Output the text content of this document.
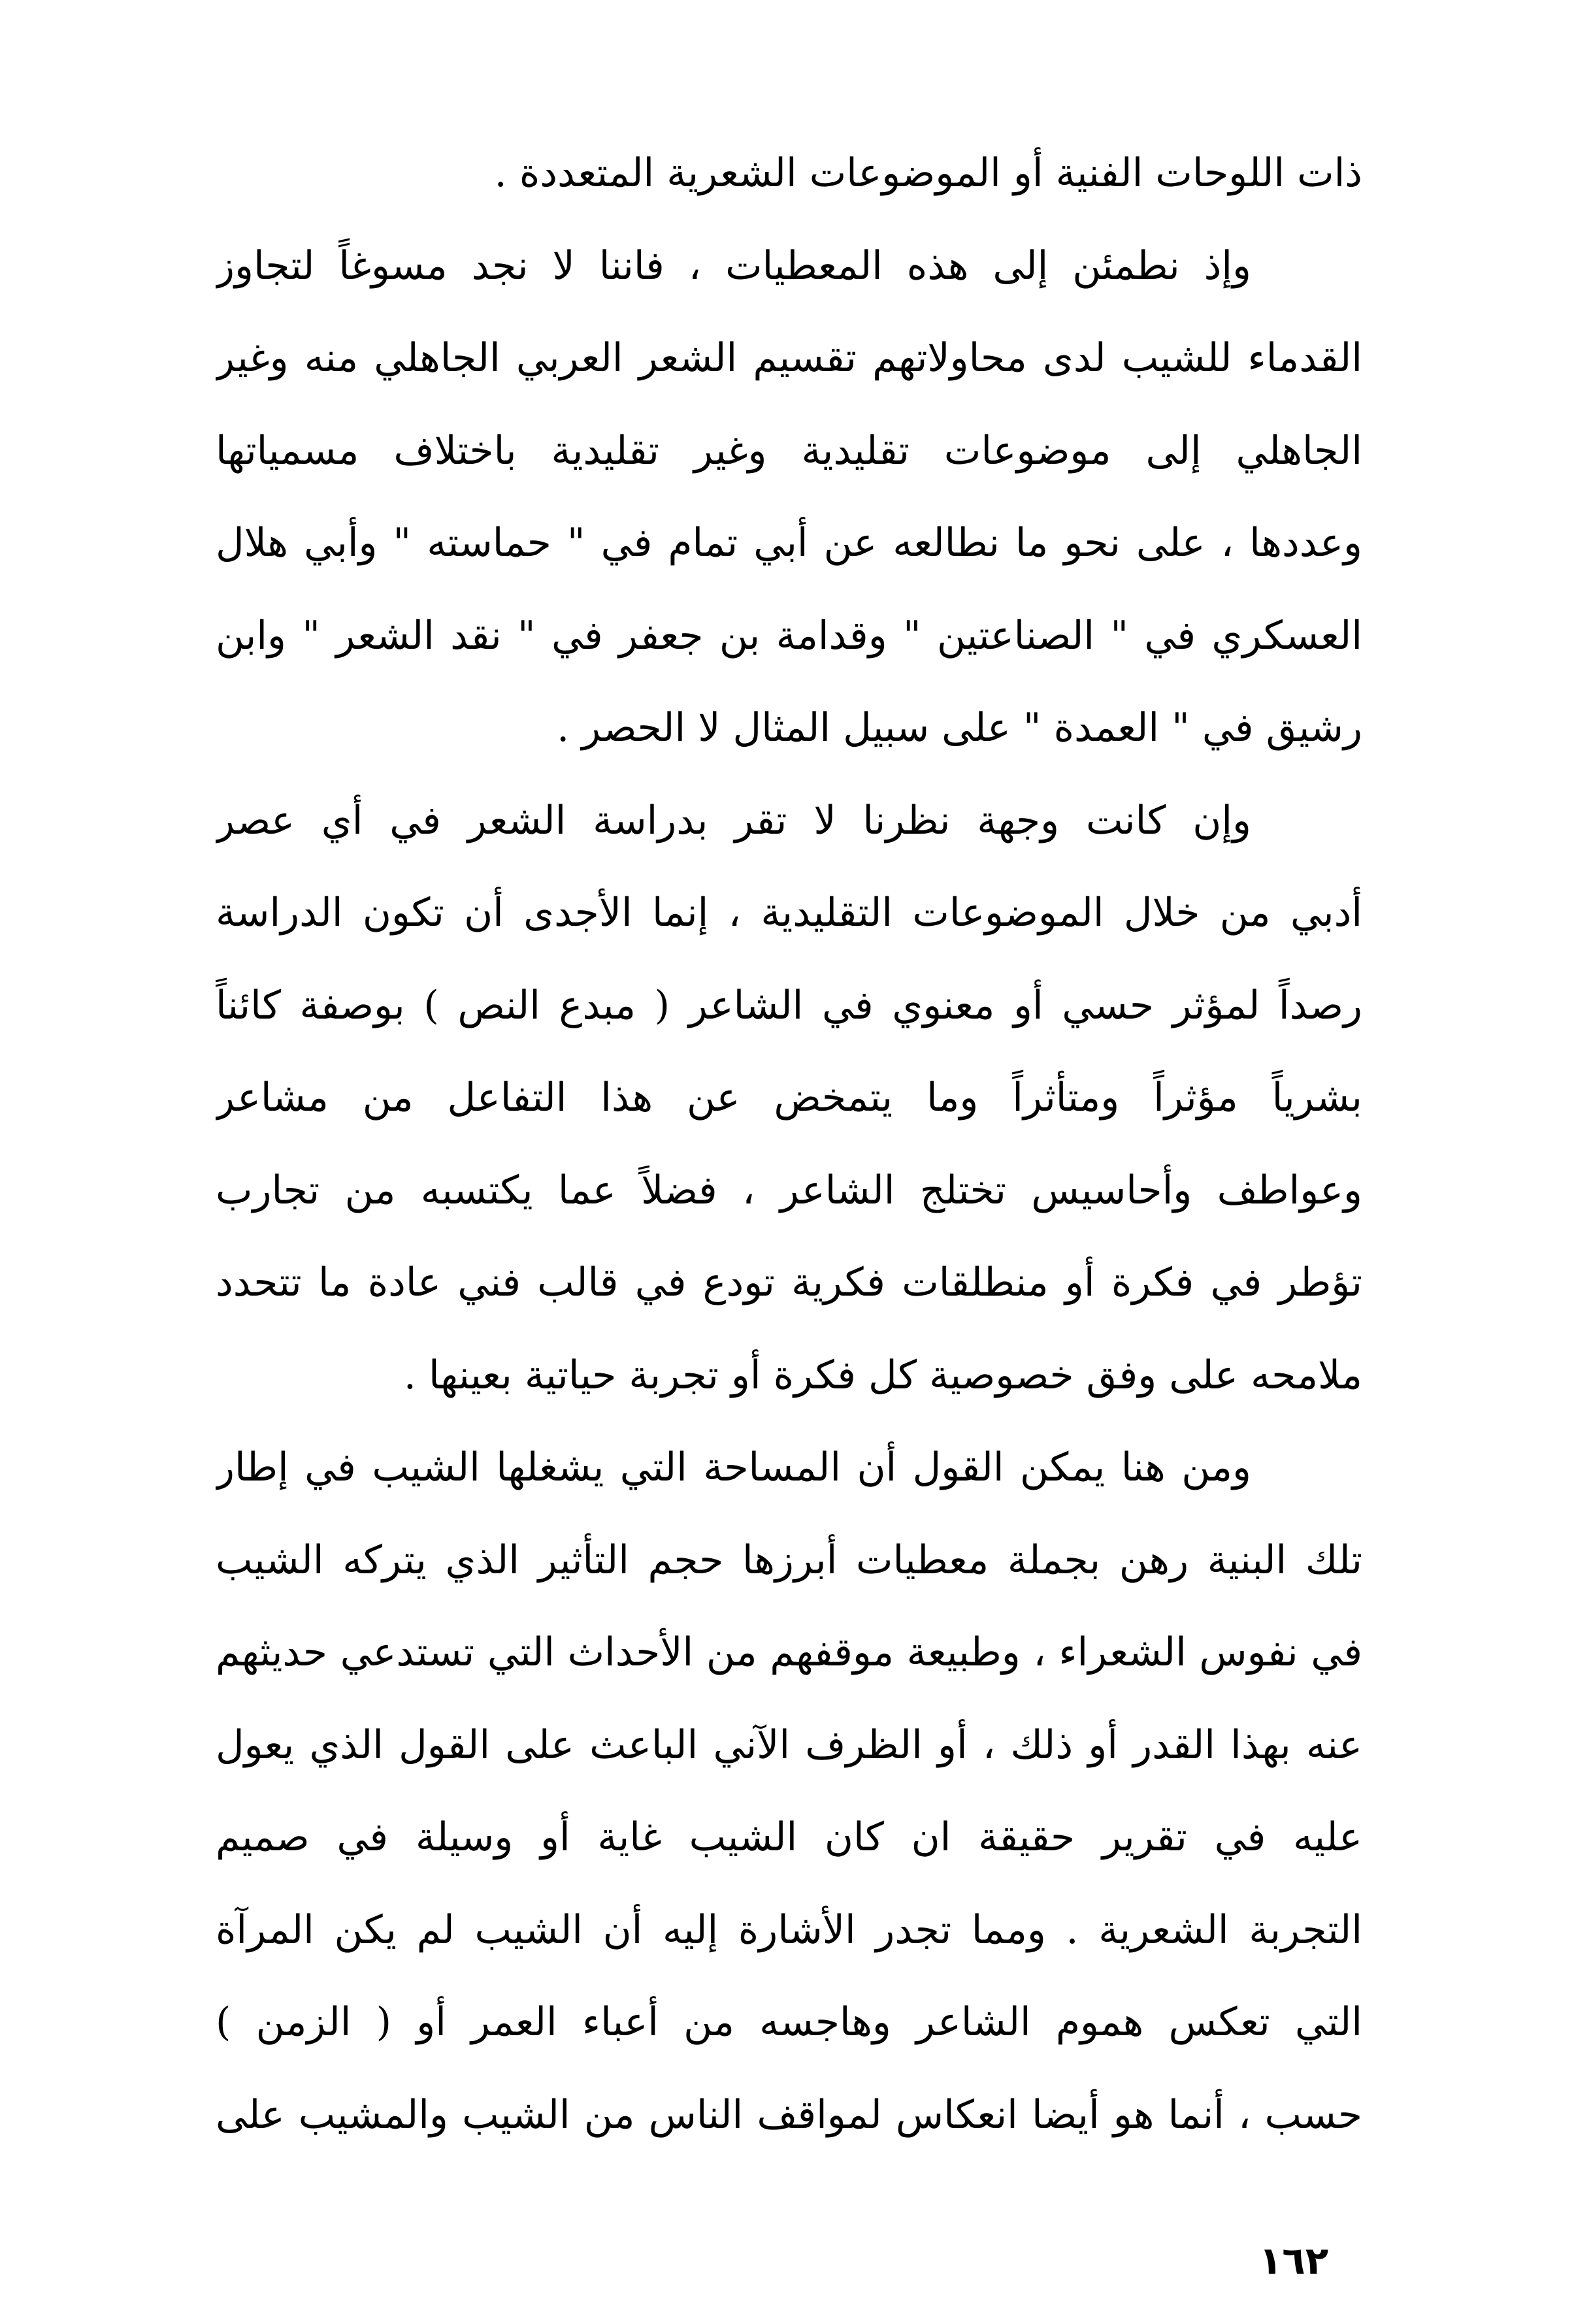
ذات اللوحات الفنية أو الموضوعات الشعرية المتعددة .
وإذ نطمئن إلى هذه المعطيات ، فاننا لا نجد مسوغاً لتجاوز
القدماء للشيب لدى محاولاتهم تقسيم الشعر العربي الجاهلي منه وغير
الجاهلي إلى موضوعات تقليدية وغير تقليدية باختلاف مسمياتها
وعددها ، على نحو ما نطالعه عن أبي تمام في " حماسته " وأبي هلال
العسكري في " الصناعتين " وقدامة بن جعفر في " نقد الشعر " وابن
رشيق في " العمدة " على سبيل المثال لا الحصر .
وإن كانت وجهة نظرنا لا تقر بدراسة الشعر في أي عصر
أدبي من خلال الموضوعات التقليدية ، إنما الأجدى أن تكون الدراسة
رصداً لمؤثر حسي أو معنوي في الشاعر ( مبدع النص ) بوصفة كائناً
بشرياً مؤثراً ومتأثراً وما يتمخض عن هذا التفاعل من مشاعر
وعواطف وأحاسيس تختلج الشاعر ، فضلاً عما يكتسبه من تجارب
تؤطر في فكرة أو منطلقات فكرية تودع في قالب فني عادة ما تتحدد
ملامحه على وفق خصوصية كل فكرة أو تجربة حياتية بعينها .
ومن هنا يمكن القول أن المساحة التي يشغلها الشيب في إطار
تلك البنية رهن بجملة معطيات أبرزها حجم التأثير الذي يتركه الشيب
في نفوس الشعراء ، وطبيعة موقفهم من الأحداث التي تستدعي حديثهم
عنه بهذا القدر أو ذلك ، أو الظرف الآني الباعث على القول الذي يعول
عليه في تقرير حقيقة ان كان الشيب غاية أو وسيلة في صميم
التجربة الشعرية . ومما تجدر الأشارة إليه أن الشيب لم يكن المرآة
التي تعكس هموم الشاعر وهاجسه من أعباء العمر أو ( الزمن )
حسب ، أنما هو أيضا انعكاس لمواقف الناس من الشيب والمشيب على
١٦٢
